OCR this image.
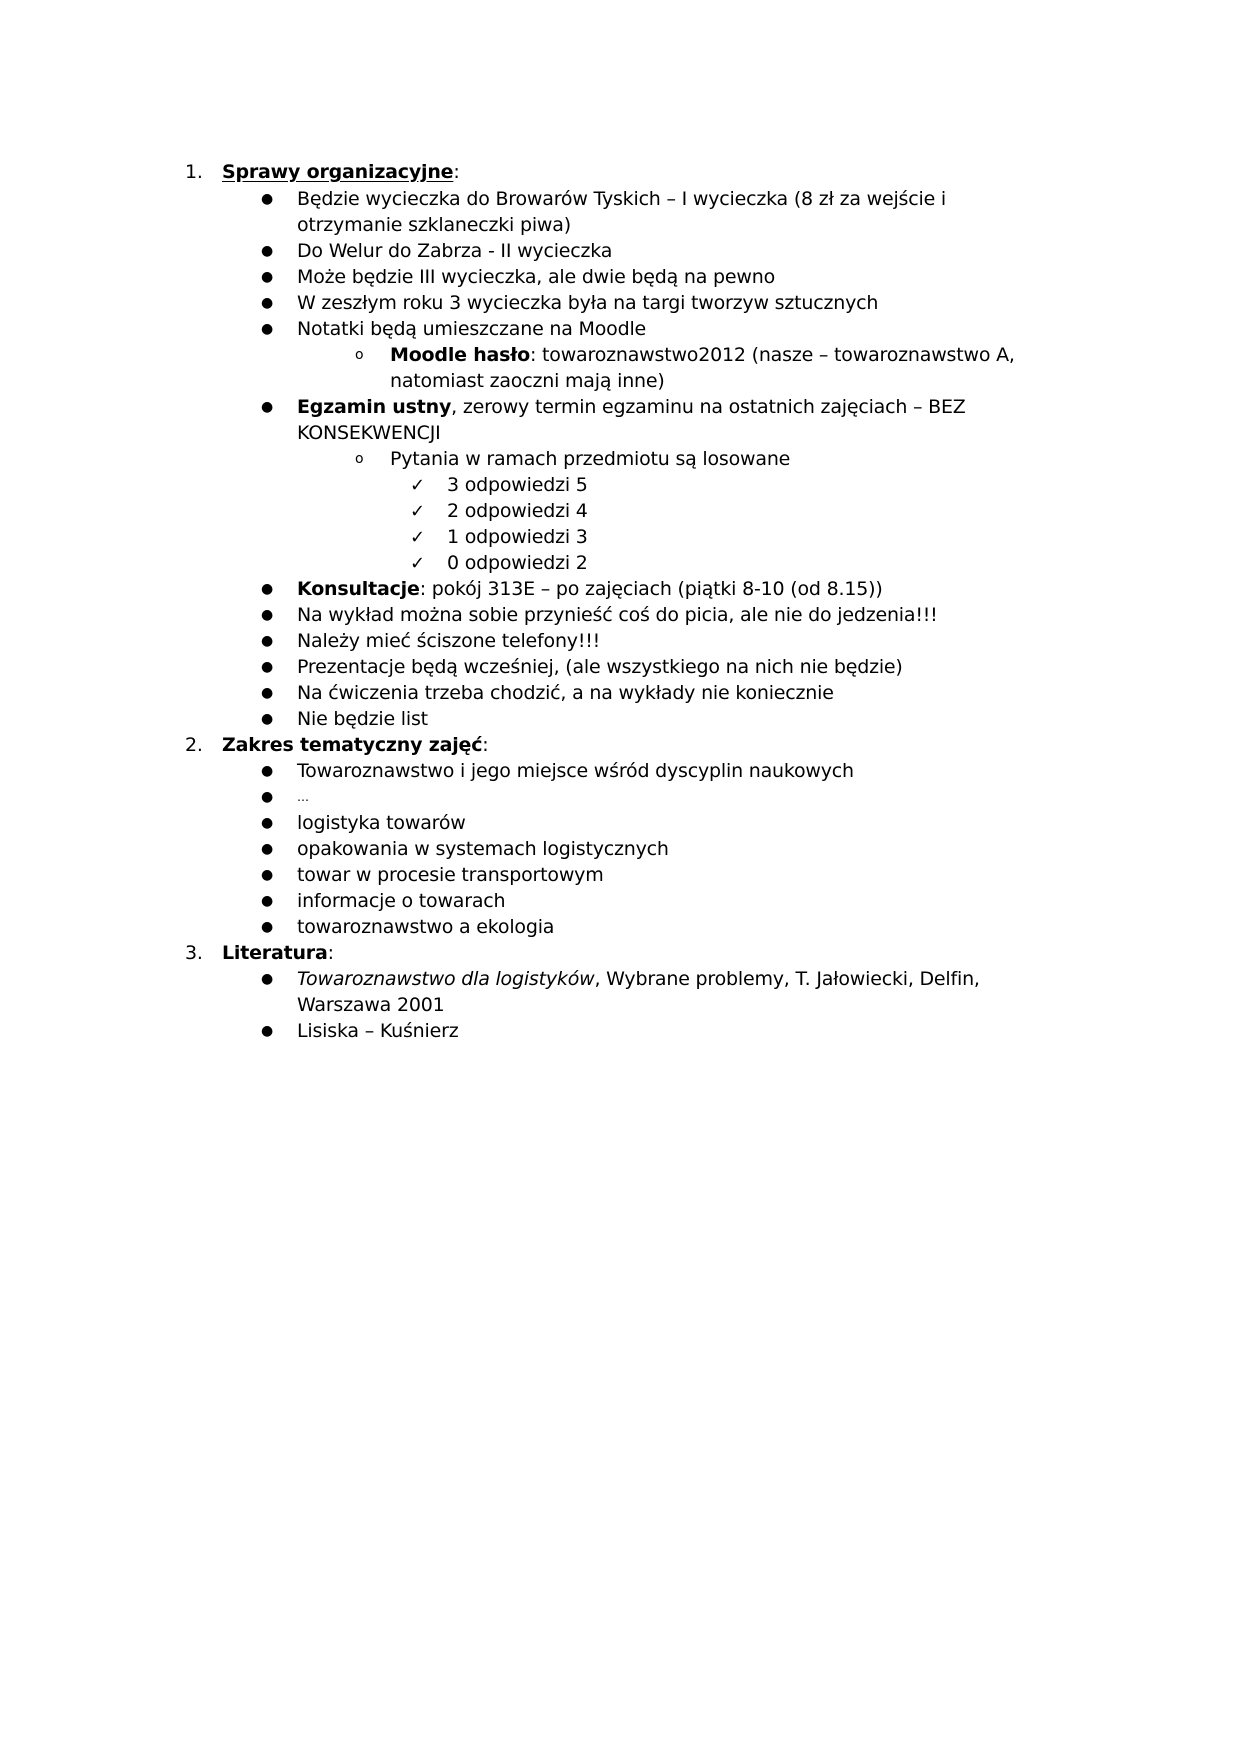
1. Sprawy organizacyjne:
● Będzie wycieczka do Browarów Tyskich – I wycieczka (8 zł za wejście i
otrzymanie szklaneczki piwa)
● Do Welur do Zabrza - II wycieczka
● Może będzie III wycieczka, ale dwie będą na pewno
● W zeszłym roku 3 wycieczka była na targi tworzyw sztucznych
● Notatki będą umieszczane na Moodle
o Moodle hasło: towaroznawstwo2012 (nasze – towaroznawstwo A,
natomiast zaoczni mają inne)
● Egzamin ustny, zerowy termin egzaminu na ostatnich zajęciach – BEZ
KONSEKWENCJI
o Pytania w ramach przedmiotu są losowane
✓ 3 odpowiedzi 5
✓ 2 odpowiedzi 4
✓ 1 odpowiedzi 3
✓ 0 odpowiedzi 2
● Konsultacje: pokój 313E – po zajęciach (piątki 8-10 (od 8.15))
● Na wykład można sobie przynieść coś do picia, ale nie do jedzenia!!!
● Należy mieć ściszone telefony!!!
● Prezentacje będą wcześniej, (ale wszystkiego na nich nie będzie)
● Na ćwiczenia trzeba chodzić, a na wykłady nie koniecznie
● Nie będzie list
2. Zakres tematyczny zajęć:
● Towaroznawstwo i jego miejsce wśród dyscyplin naukowych
● …
● logistyka towarów
● opakowania w systemach logistycznych
● towar w procesie transportowym
● informacje o towarach
● towaroznawstwo a ekologia
3. Literatura:
● Towaroznawstwo dla logistyków, Wybrane problemy, T. Jałowiecki, Delfin,
Warszawa 2001
● Lisiska – Kuśnierz
